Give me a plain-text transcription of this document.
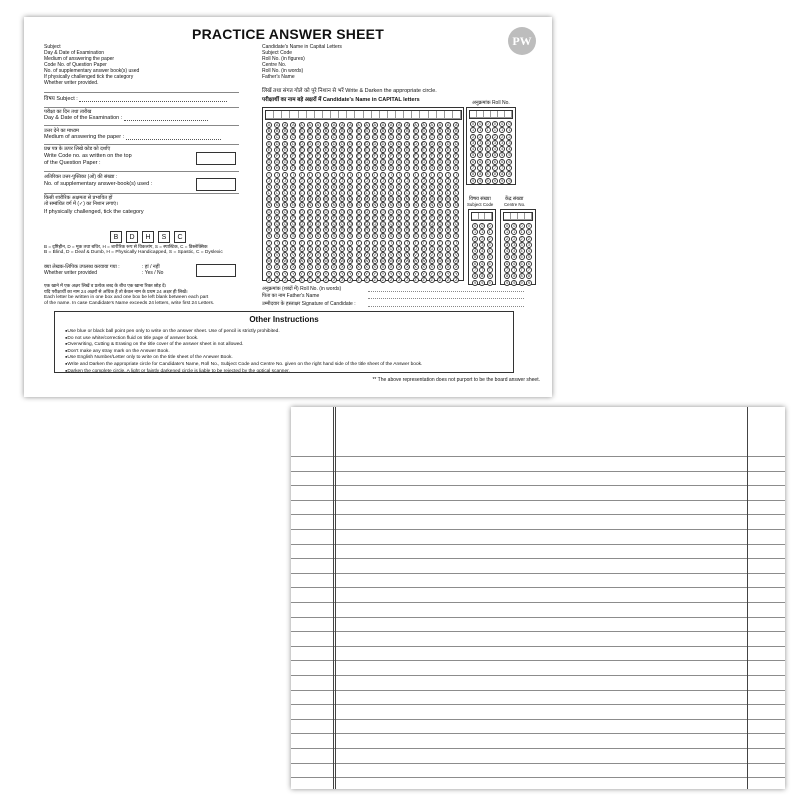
PRACTICE ANSWER SHEET	PW
Subject
Day & Date of Examination
Medium of answering the paper
Code No. of Question Paper
No. of supplementary answer book(s) used
If physically challenged tick the category
Whether writer provided.
Candidate's Name in Capital Letters
Subject Code
Roll No. (in figures)
Centre No.
Roll No. (in words)
Father's Name
विषय Subject :
परीक्षा का दिन तथा तारीख
Day & Date of the Examination :
उत्तर देने का माध्यम
Medium of answering the paper :
प्रश्न पत्र के ऊपर लिखे कोड को दर्शाएं
Write Code no. as written on the top
of the Question Paper :
अतिरिक्त उत्तर-पुस्तिका (ओं) की संख्या :
No. of supplementary answer-book(s) used :
किसी शारीरिक अक्षमता से प्रभावित हों
तो सम्बंधित वर्ग में (✓) का निशान लगाएं।
If physically challenged, tick the category
B D H S C
B = दृष्टिहीन, D = मूक तथा बधिर, H = शारीरिक रूप से विकलांग, S = स्पास्टिक, C = डिस्लेक्सिक
B = Blind, D = Deaf & Dumb, H = Physically Handicapped, S = Spastic, C = Dyslexic
क्या लेखक-लिपिक उपलब्ध करवाया गया :
Whether writer provided
: हां / नहीं
: Yes / No
एक खाने में एक अक्षर लिखें व प्रत्येक शब्द के बीच एक खाना रिक्त छोड़ दें।
यदि परीक्षार्थी का नाम 24 अक्षरों से अधिक है तो केवल नाम के प्रथम 24 अक्षर ही लिखें।
Each letter be written in one box and one box be left blank between each part
of the name. In case Candidate's Name exceeds 24 letters, write first 24 Letters.
लिखें तथा संगत गोले को पूरे निशान से भरें Write & Darken the appropriate circle.
परीक्षार्थी का नाम बड़े अक्षरों में Candidate's Name in CAPITAL letters
A	A	A	A	A	A	A	A	A	A	A	A	A	A	A	A	A	A	A	A	A	A	A	A
B	B	B	B	B	B	B	B	B	B	B	B	B	B	B	B	B	B	B	B	B	B	B	B
C	C	C	C	C	C	C	C	C	C	C	C	C	C	C	C	C	C	C	C	C	C	C	C
D	D	D	D	D	D	D	D	D	D	D	D	D	D	D	D	D	D	D	D	D	D	D	D
E	E	E	E	E	E	E	E	E	E	E	E	E	E	E	E	E	E	E	E	E	E	E	E
F	F	F	F	F	F	F	F	F	F	F	F	F	F	F	F	F	F	F	F	F	F	F	F
G	G	G	G	G	G	G	G	G	G	G	G	G	G	G	G	G	G	G	G	G	G	G	G
H	H	H	H	H	H	H	H	H	H	H	H	H	H	H	H	H	H	H	H	H	H	H	H
I	I	I	I	I	I	I	I	I	I	I	I	I	I	I	I	I	I	I	I	I	I	I	I
J	J	J	J	J	J	J	J	J	J	J	J	J	J	J	J	J	J	J	J	J	J	J	J
K	K	K	K	K	K	K	K	K	K	K	K	K	K	K	K	K	K	K	K	K	K	K	K
L	L	L	L	L	L	L	L	L	L	L	L	L	L	L	L	L	L	L	L	L	L	L	L
M	M	M	M	M	M	M	M	M	M	M	M	M	M	M	M	M	M	M	M	M	M	M	M
N	N	N	N	N	N	N	N	N	N	N	N	N	N	N	N	N	N	N	N	N	N	N	N
O	O	O	O	O	O	O	O	O	O	O	O	O	O	O	O	O	O	O	O	O	O	O	O
P	P	P	P	P	P	P	P	P	P	P	P	P	P	P	P	P	P	P	P	P	P	P	P
Q	Q	Q	Q	Q	Q	Q	Q	Q	Q	Q	Q	Q	Q	Q	Q	Q	Q	Q	Q	Q	Q	Q	Q
R	R	R	R	R	R	R	R	R	R	R	R	R	R	R	R	R	R	R	R	R	R	R	R
S	S	S	S	S	S	S	S	S	S	S	S	S	S	S	S	S	S	S	S	S	S	S	S
T	T	T	T	T	T	T	T	T	T	T	T	T	T	T	T	T	T	T	T	T	T	T	T
U	U	U	U	U	U	U	U	U	U	U	U	U	U	U	U	U	U	U	U	U	U	U	U
V	V	V	V	V	V	V	V	V	V	V	V	V	V	V	V	V	V	V	V	V	V	V	V
W	W	W	W	W	W	W	W	W	W	W	W	W	W	W	W	W	W	W	W	W	W	W	W
X	X	X	X	X	X	X	X	X	X	X	X	X	X	X	X	X	X	X	X	X	X	X	X
Y	Y	Y	Y	Y	Y	Y	Y	Y	Y	Y	Y	Y	Y	Y	Y	Y	Y	Y	Y	Y	Y	Y	Y
Z	Z	Z	Z	Z	Z	Z	Z	Z	Z	Z	Z	Z	Z	Z	Z	Z	Z	Z	Z	Z	Z	Z	Z
अनुक्रमांक Roll No.
0	0	0	0	0	0
1	1	1	1	1	1
2	2	2	2	2	2
3	3	3	3	3	3
4	4	4	4	4	4
5	5	5	5	5	5
6	6	6	6	6	6
7	7	7	7	7	7
8	8	8	8	8	8
9	9	9	9	9	9
विषय संख्या
Subject Code
0	0	0
1	1	1
2	2	2
3	3	3
4	4	4
5	5	5
6	6	6
7	7	7
8	8	8
9	9	9
केंद्र संख्या
Centre No.
0	0	0	0
1	1	1	1
2	2	2	2
3	3	3	3
4	4	4	4
5	5	5	5
6	6	6	6
7	7	7	7
8	8	8	8
9	9	9	9
अनुक्रमांक (शब्दों में) Roll No. (in words)
पिता का नाम Father's Name
उम्मीदवार के हस्ताक्षर Signature of Candidate :
Other Instructions
● Use blue or black ball point pen only to write on the answer sheet. Use of pencil is strictly prohibited.
● Do not use white/correction fluid on title page of answer book.
● Overwriting, Cutting & Erasing on the title cover of the answer sheet in not allowed.
● Don't make any stray mark on the Answer Book.
● Use English Number/Letter only to write on the title sheet of the Anewer Book.
● Write and Darken the appropriate circle for Candidate's Name, Roll No., Subject Code and Centre No. given on the right hand side of the title sheet of the Answer book.
● Darken the complete circle. A light or faintly darkened circle is liable to be rejected by the optical scanner.
** The above representation does not purport to be the board answer sheet.
